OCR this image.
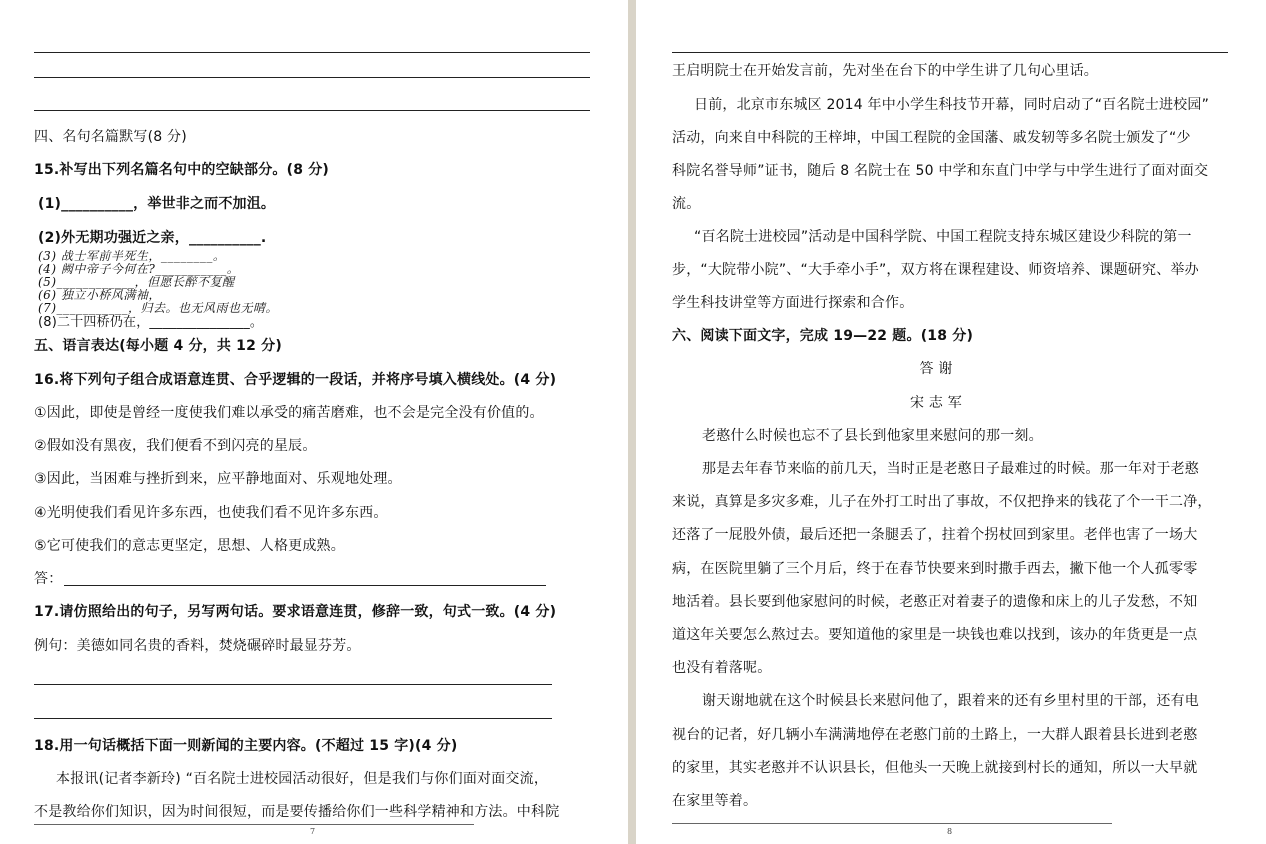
四、名句名篇默写(8 分)
15.补写出下列名篇名句中的空缺部分。(8 分)
(1)__________，举世非之而不加沮。
(2)外无期功强近之亲，__________.
(3) 战士军前半死生，________。
(4) 阙中帝子今何在?___________。
(5)____________，但愿长醉不复醒
(6) 独立小桥风满袖，
(7)___________，归去。也无风雨也无晴。
(8)二十四桥仍在，_______________。
五、语言表达(每小题 4 分，共 12 分)
16.将下列句子组合成语意连贯、合乎逻辑的一段话，并将序号填入横线处。(4 分)
①因此，即使是曾经一度使我们难以承受的痛苦磨难，也不会是完全没有价值的。
②假如没有黑夜，我们便看不到闪亮的星辰。
③因此，当困难与挫折到来，应平静地面对、乐观地处理。
④光明使我们看见许多东西，也使我们看不见许多东西。
⑤它可使我们的意志更坚定，思想、人格更成熟。
答：
17.请仿照给出的句子，另写两句话。要求语意连贯，修辞一致，句式一致。(4 分)
例句：美德如同名贵的香料，焚烧碾碎时最显芬芳。
18.用一句话概括下面一则新闻的主要内容。(不超过 15 字)(4 分)
本报讯(记者李新玲) “百名院士进校园活动很好，但是我们与你们面对面交流，
不是教给你们知识，因为时间很短，而是要传播给你们一些科学精神和方法。中科院
7
王启明院士在开始发言前，先对坐在台下的中学生讲了几句心里话。
日前，北京市东城区 2014 年中小学生科技节开幕，同时启动了“百名院士进校园”
活动，向来自中科院的王梓坤，中国工程院的金国藩、戚发轫等多名院士颁发了“少
科院名誉导师”证书，随后 8 名院士在 50 中学和东直门中学与中学生进行了面对面交
流。
“百名院士进校园”活动是中国科学院、中国工程院支持东城区建设少科院的第一
步，“大院带小院”、“大手牵小手”，双方将在课程建设、师资培养、课题研究、举办
学生科技讲堂等方面进行探索和合作。
六、阅读下面文字，完成 19—22 题。(18 分)
答 谢
宋 志 军
老憨什么时候也忘不了县长到他家里来慰问的那一刻。
那是去年春节来临的前几天，当时正是老憨日子最难过的时候。那一年对于老憨
来说，真算是多灾多难，儿子在外打工时出了事故，不仅把挣来的钱花了个一干二净，
还落了一屁股外债，最后还把一条腿丢了，拄着个拐杖回到家里。老伴也害了一场大
病，在医院里躺了三个月后，终于在春节快要来到时撒手西去，撇下他一个人孤零零
地活着。县长要到他家慰问的时候，老憨正对着妻子的遗像和床上的儿子发愁，不知
道这年关要怎么熬过去。要知道他的家里是一块钱也难以找到，该办的年货更是一点
也没有着落呢。
谢天谢地就在这个时候县长来慰问他了，跟着来的还有乡里村里的干部，还有电
视台的记者，好几辆小车满满地停在老憨门前的土路上，一大群人跟着县长进到老憨
的家里，其实老憨并不认识县长，但他头一天晚上就接到村长的通知，所以一大早就
在家里等着。
8
